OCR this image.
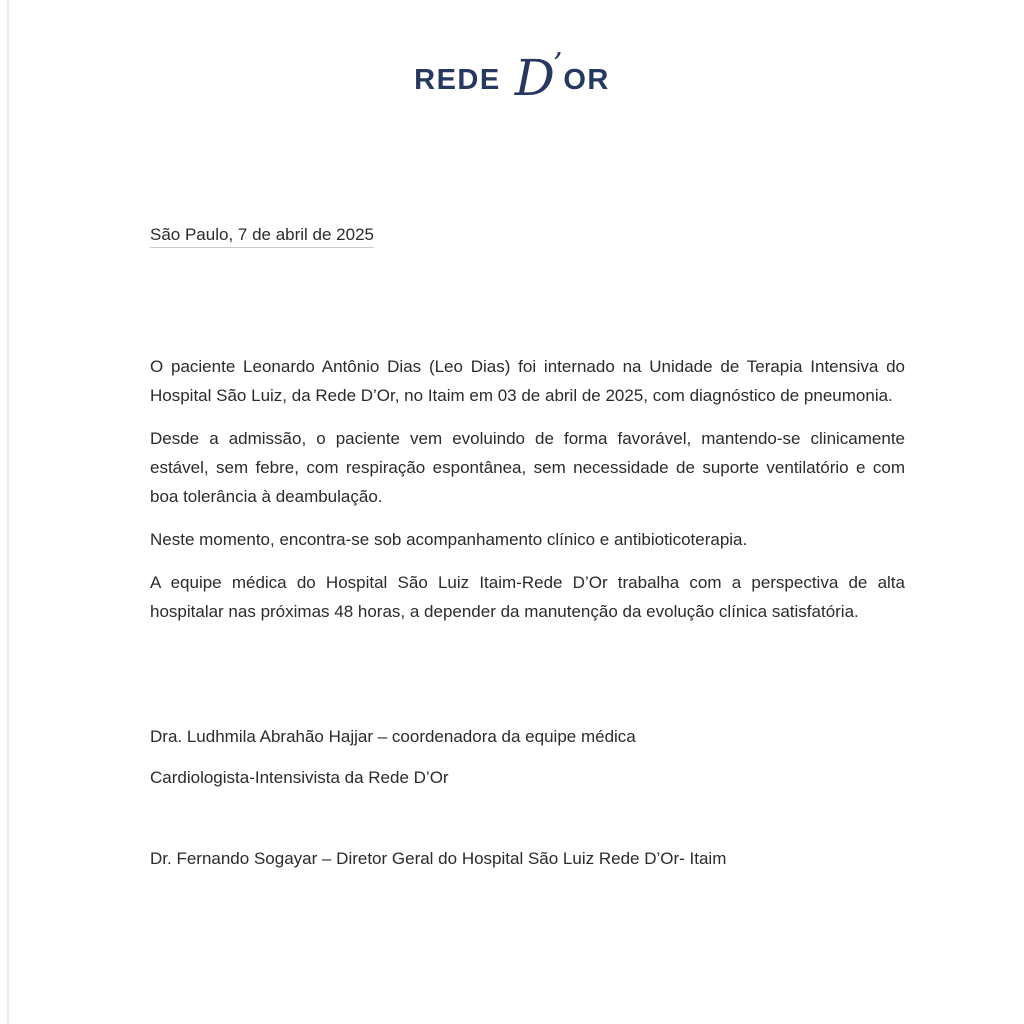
REDE D
’ OR

São Paulo, 7 de abril de 2025

O paciente Leonardo Antônio Dias (Leo Dias) foi internado na Unidade de Terapia Intensiva do Hospital São Luiz, da Rede D’Or, no Itaim em 03 de abril de 2025, com diagnóstico de pneumonia.

Desde a admissão, o paciente vem evoluindo de forma favorável, mantendo-se clinicamente estável, sem febre, com respiração espontânea, sem necessidade de suporte ventilatório e com boa tolerância à deambulação.

Neste momento, encontra-se sob acompanhamento clínico e antibioticoterapia.

A equipe médica do Hospital São Luiz Itaim-Rede D’Or trabalha com a perspectiva de alta hospitalar nas próximas 48 horas, a depender da manutenção da evolução clínica satisfatória.

Dra. Ludhmila Abrahão Hajjar – coordenadora da equipe médica

Cardiologista-Intensivista da Rede D’Or

Dr. Fernando Sogayar – Diretor Geral do Hospital São Luiz Rede D’Or- Itaim
